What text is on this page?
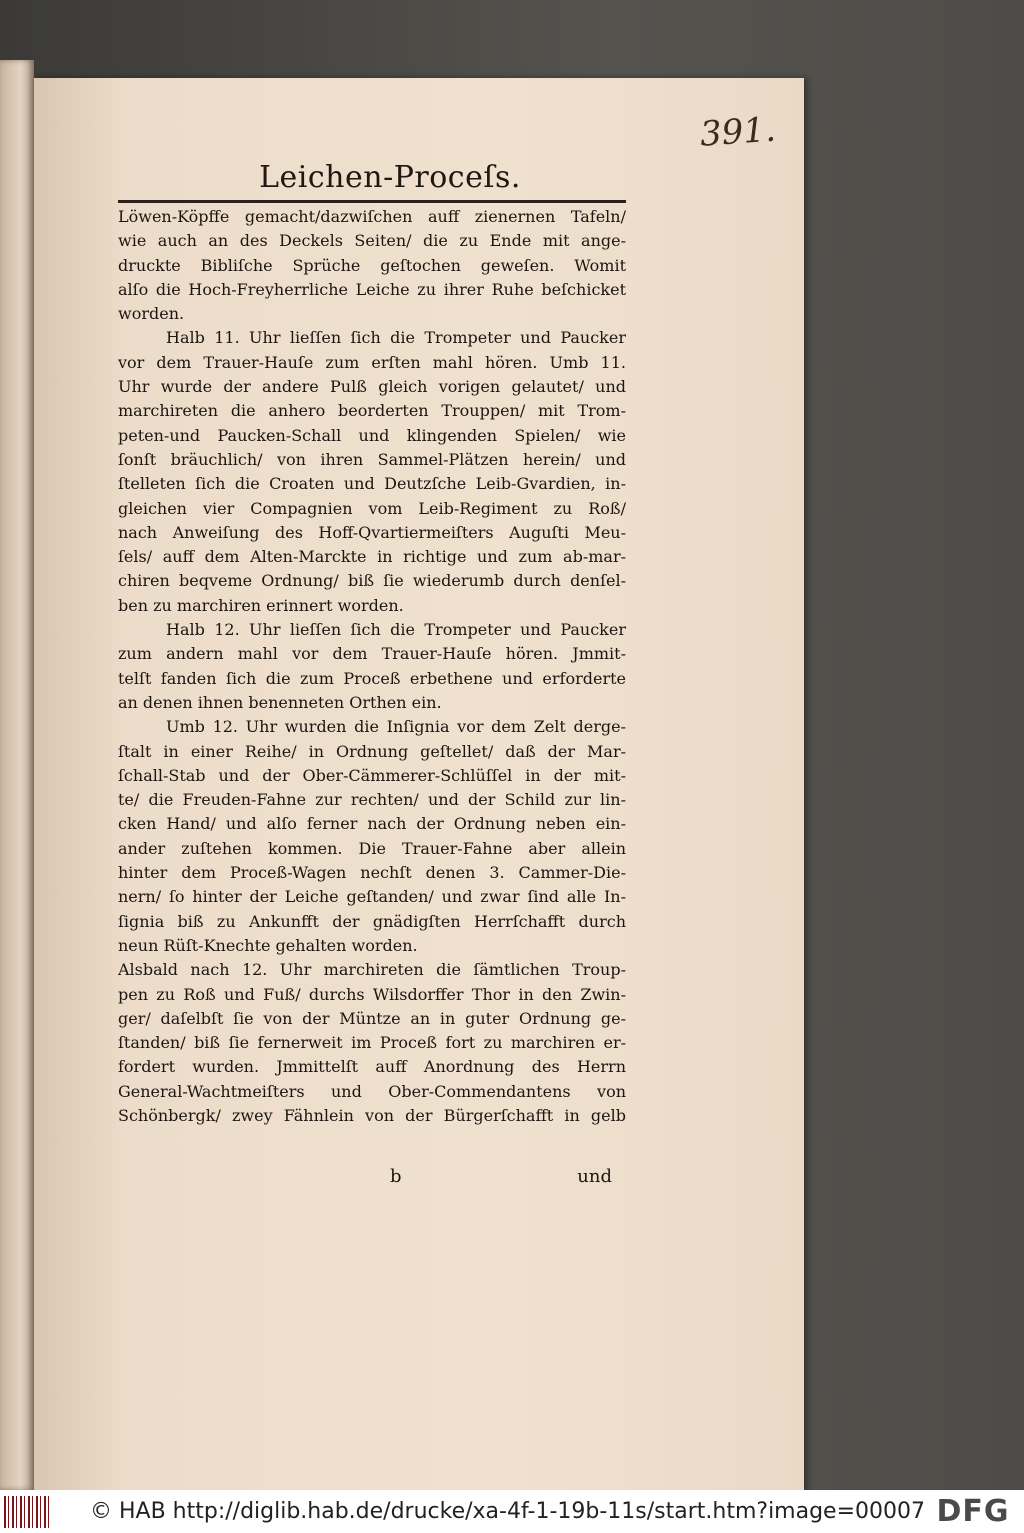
391.
Leichen-Proceſs.
Löwen-Köpffe gemacht/dazwiſchen auff zienernen Tafeln/
wie auch an des Deckels Seiten/ die zu Ende mit ange-
druckte Bibliſche Sprüche geſtochen geweſen. Womit
alſo die Hoch-Freyherrliche Leiche zu ihrer Ruhe beſchicket
worden.
Halb 11. Uhr lieſſen ſich die Trompeter und Paucker
vor dem Trauer-Hauſe zum erſten mahl hören. Umb 11.
Uhr wurde der andere Pulß gleich vorigen gelautet/ und
marchireten die anhero beorderten Trouppen/ mit Trom-
peten-und Paucken-Schall und klingenden Spielen/ wie
ſonſt bräuchlich/ von ihren Sammel-Plätzen herein/ und
ſtelleten ſich die Croaten und Deutzſche Leib-Gvardien, in-
gleichen vier Compagnien vom Leib-Regiment zu Roß/
nach Anweiſung des Hoff-Qvartiermeiſters Auguſti Meu-
ſels/ auff dem Alten-Marckte in richtige und zum ab-mar-
chiren beqveme Ordnung/ biß ſie wiederumb durch denſel-
ben zu marchiren erinnert worden.
Halb 12. Uhr lieſſen ſich die Trompeter und Paucker
zum andern mahl vor dem Trauer-Hauſe hören. Jmmit-
telſt fanden ſich die zum Proceß erbethene und erforderte
an denen ihnen benenneten Orthen ein.
Umb 12. Uhr wurden die Inſignia vor dem Zelt derge-
ſtalt in einer Reihe/ in Ordnung geſtellet/ daß der Mar-
ſchall-Stab und der Ober-Cämmerer-Schlüſſel in der mit-
te/ die Freuden-Fahne zur rechten/ und der Schild zur lin-
cken Hand/ und alſo ferner nach der Ordnung neben ein-
ander zuſtehen kommen. Die Trauer-Fahne aber allein
hinter dem Proceß-Wagen nechſt denen 3. Cammer-Die-
nern/ ſo hinter der Leiche geſtanden/ und zwar ſind alle In-
ſignia biß zu Ankunfft der gnädigſten Herrſchafft durch
neun Rüſt-Knechte gehalten worden.
Alsbald nach 12. Uhr marchireten die ſämtlichen Troup-
pen zu Roß und Fuß/ durchs Wilsdorffer Thor in den Zwin-
ger/ daſelbſt ſie von der Müntze an in guter Ordnung ge-
ſtanden/ biß ſie fernerweit im Proceß fort zu marchiren er-
fordert wurden. Jmmittelſt auff Anordnung des Herrn
General-Wachtmeiſters und Ober-Commendantens von
Schönbergk/ zwey Fähnlein von der Bürgerſchafft in gelb
b	und
© HAB http://diglib.hab.de/drucke/xa-4f-1-19b-11s/start.htm?image=00007 DFG
